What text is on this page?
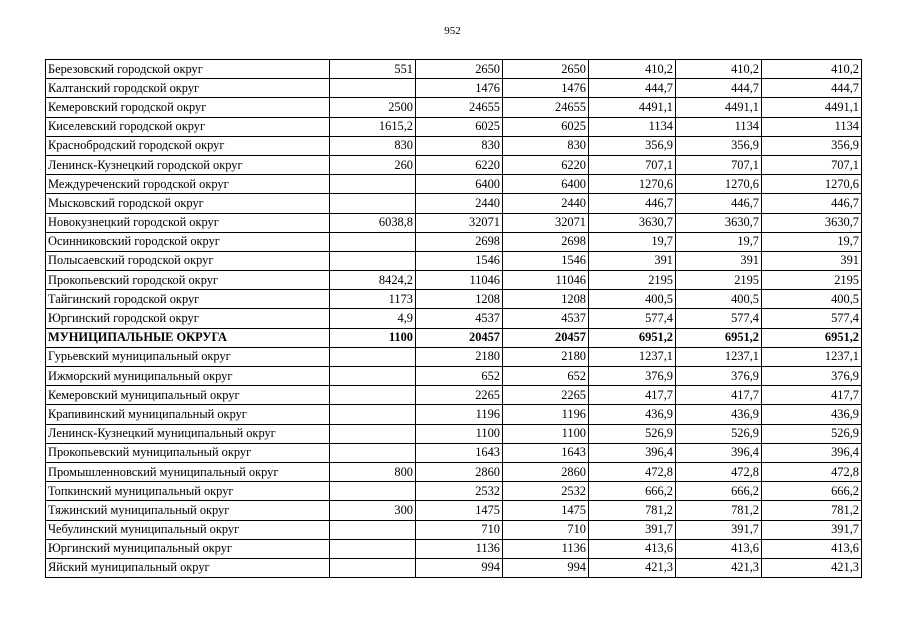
952
Березовский городской округ	551	2650	2650	410,2	410,2	410,2
Калтанский городской округ		1476	1476	444,7	444,7	444,7
Кемеровский городской округ	2500	24655	24655	4491,1	4491,1	4491,1
Киселевский городской округ	1615,2	6025	6025	1134	1134	1134
Краснобродский городской округ	830	830	830	356,9	356,9	356,9
Ленинск-Кузнецкий городской округ	260	6220	6220	707,1	707,1	707,1
Междуреченский городской округ		6400	6400	1270,6	1270,6	1270,6
Мысковский городской округ		2440	2440	446,7	446,7	446,7
Новокузнецкий городской округ	6038,8	32071	32071	3630,7	3630,7	3630,7
Осинниковский городской округ		2698	2698	19,7	19,7	19,7
Полысаевский городской округ		1546	1546	391	391	391
Прокопьевский городской округ	8424,2	11046	11046	2195	2195	2195
Тайгинский городской округ	1173	1208	1208	400,5	400,5	400,5
Юргинский городской округ	4,9	4537	4537	577,4	577,4	577,4
МУНИЦИПАЛЬНЫЕ ОКРУГА	1100	20457	20457	6951,2	6951,2	6951,2
Гурьевский муниципальный округ		2180	2180	1237,1	1237,1	1237,1
Ижморский муниципальный округ		652	652	376,9	376,9	376,9
Кемеровский муниципальный округ		2265	2265	417,7	417,7	417,7
Крапивинский муниципальный округ		1196	1196	436,9	436,9	436,9
Ленинск-Кузнецкий муниципальный округ		1100	1100	526,9	526,9	526,9
Прокопьевский муниципальный округ		1643	1643	396,4	396,4	396,4
Промышленновский муниципальный округ	800	2860	2860	472,8	472,8	472,8
Топкинский муниципальный округ		2532	2532	666,2	666,2	666,2
Тяжинский муниципальный округ	300	1475	1475	781,2	781,2	781,2
Чебулинский муниципальный округ		710	710	391,7	391,7	391,7
Юргинский муниципальный округ		1136	1136	413,6	413,6	413,6
Яйский муниципальный округ		994	994	421,3	421,3	421,3
